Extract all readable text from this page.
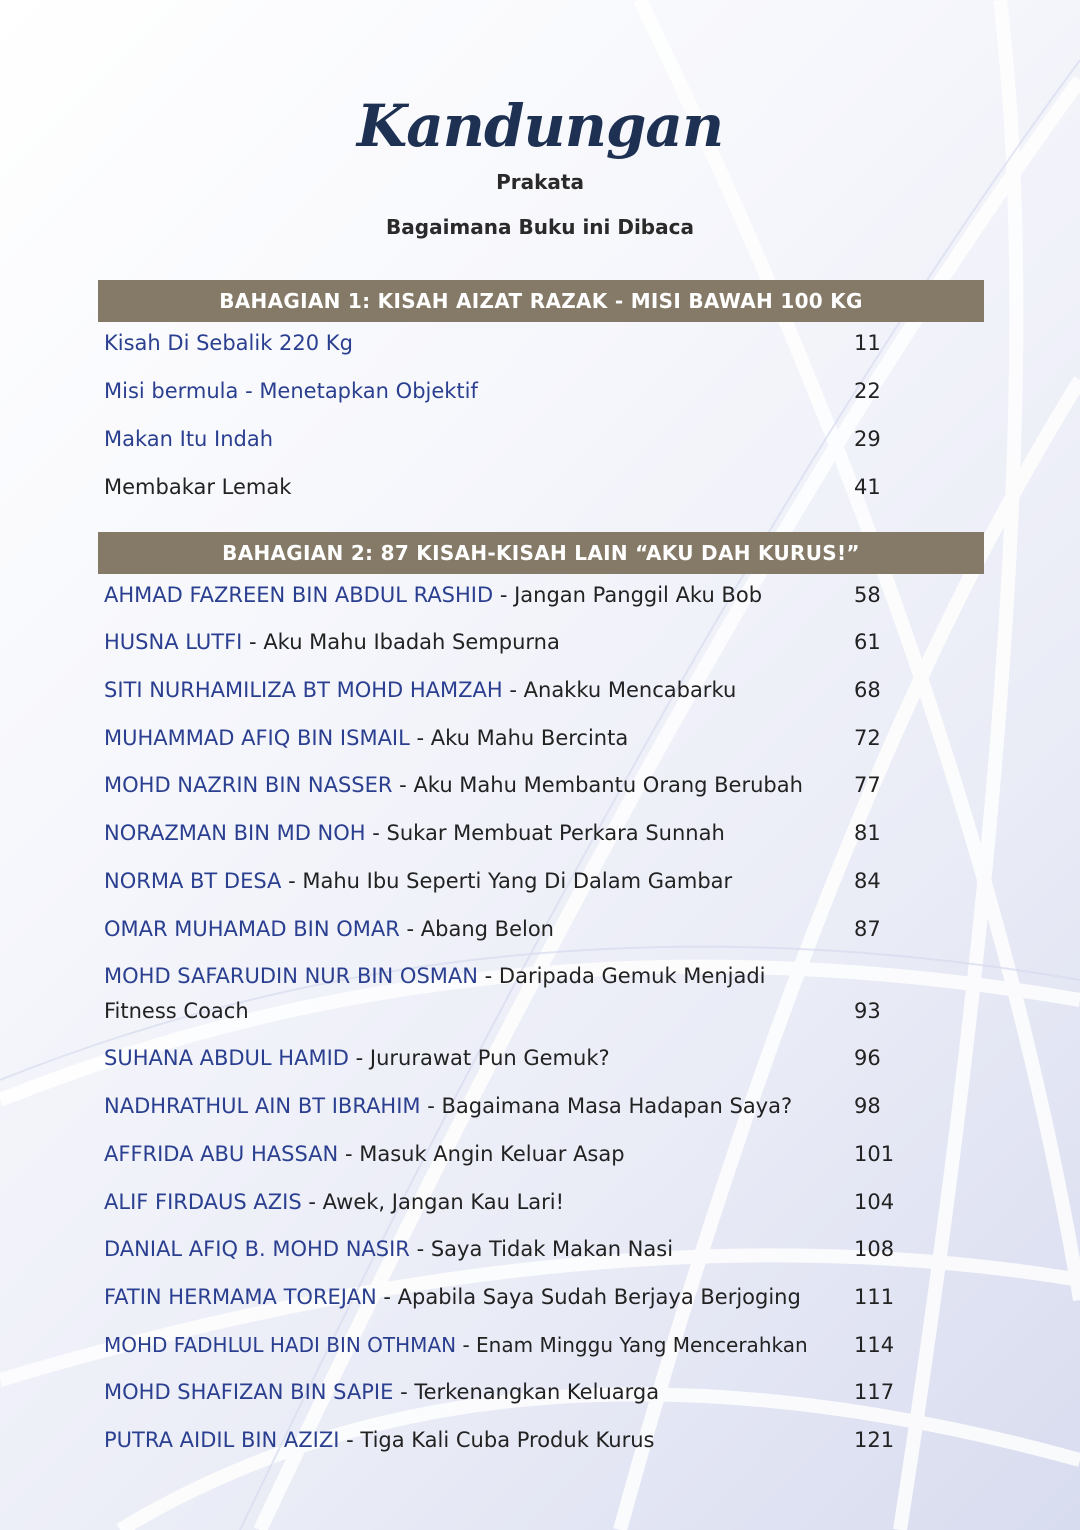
Kandungan
Prakata
Bagaimana Buku ini Dibaca
BAHAGIAN 1: KISAH AIZAT RAZAK - MISI BAWAH 100 KG
Kisah Di Sebalik 220 Kg	11
Misi bermula - Menetapkan Objektif	22
Makan Itu Indah	29
Membakar Lemak	41
BAHAGIAN 2: 87 KISAH-KISAH LAIN “AKU DAH KURUS!”
AHMAD FAZREEN BIN ABDUL RASHID - Jangan Panggil Aku Bob	58
HUSNA LUTFI - Aku Mahu Ibadah Sempurna	61
SITI NURHAMILIZA BT MOHD HAMZAH - Anakku Mencabarku	68
MUHAMMAD AFIQ BIN ISMAIL - Aku Mahu Bercinta	72
MOHD NAZRIN BIN NASSER - Aku Mahu Membantu Orang Berubah 77
NORAZMAN BIN MD NOH - Sukar Membuat Perkara Sunnah	81
NORMA BT DESA - Mahu Ibu Seperti Yang Di Dalam Gambar	84
OMAR MUHAMAD BIN OMAR - Abang Belon	87
MOHD SAFARUDIN NUR BIN OSMAN - Daripada Gemuk Menjadi
Fitness Coach	93
SUHANA ABDUL HAMID - Jururawat Pun Gemuk?	96
NADHRATHUL AIN BT IBRAHIM - Bagaimana Masa Hadapan Saya?	98
AFFRIDA ABU HASSAN - Masuk Angin Keluar Asap	101
ALIF FIRDAUS AZIS - Awek, Jangan Kau Lari!	104
DANIAL AFIQ B. MOHD NASIR - Saya Tidak Makan Nasi	108
FATIN HERMAMA TOREJAN - Apabila Saya Sudah Berjaya Berjoging	111
MOHD FADHLUL HADI BIN OTHMAN - Enam Minggu Yang Mencerahkan 114
MOHD SHAFIZAN BIN SAPIE - Terkenangkan Keluarga	117
PUTRA AIDIL BIN AZIZI - Tiga Kali Cuba Produk Kurus	121
